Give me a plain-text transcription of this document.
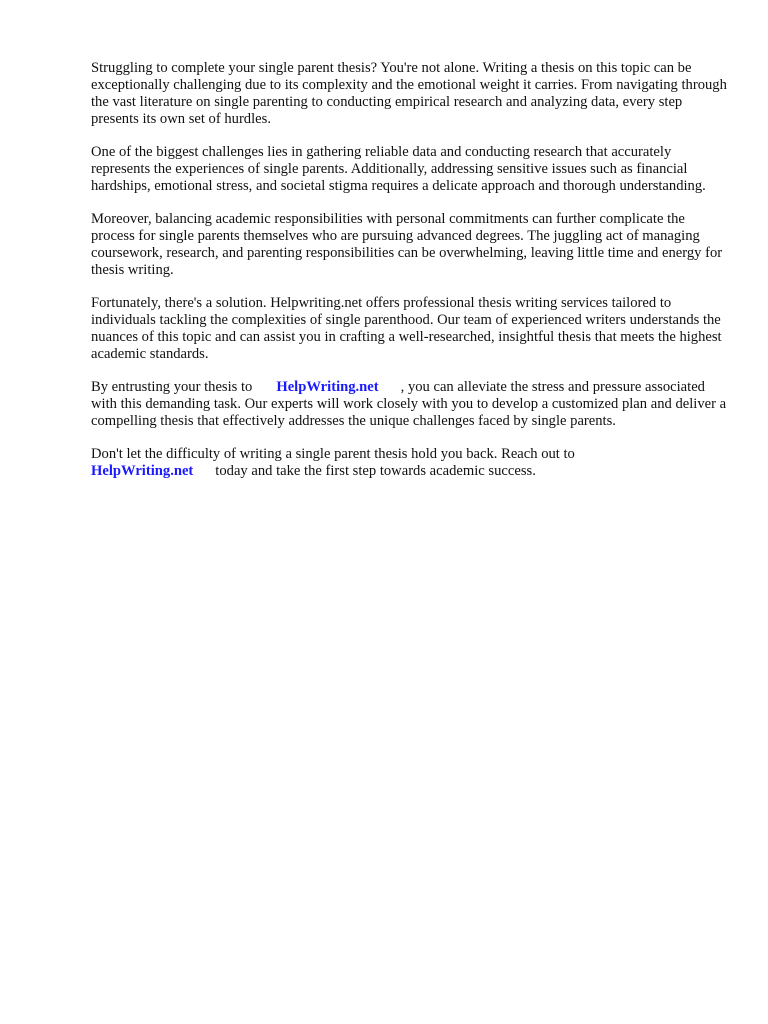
Struggling to complete your single parent thesis? You're not alone. Writing a thesis on this topic can be exceptionally challenging due to its complexity and the emotional weight it carries. From navigating through the vast literature on single parenting to conducting empirical research and analyzing data, every step presents its own set of hurdles.

One of the biggest challenges lies in gathering reliable data and conducting research that accurately represents the experiences of single parents. Additionally, addressing sensitive issues such as financial hardships, emotional stress, and societal stigma requires a delicate approach and thorough understanding.

Moreover, balancing academic responsibilities with personal commitments can further complicate the process for single parents themselves who are pursuing advanced degrees. The juggling act of managing coursework, research, and parenting responsibilities can be overwhelming, leaving little time and energy for thesis writing.

Fortunately, there's a solution. Helpwriting.net offers professional thesis writing services tailored to individuals tackling the complexities of single parenthood. Our team of experienced writers understands the nuances of this topic and can assist you in crafting a well-researched, insightful thesis that meets the highest academic standards.

By entrusting your thesis to HelpWriting.net , you can alleviate the stress and pressure associated with this demanding task. Our experts will work closely with you to develop a customized plan and deliver a compelling thesis that effectively addresses the unique challenges faced by single parents.

Don't let the difficulty of writing a single parent thesis hold you back. Reach out to
HelpWriting.net today and take the first step towards academic success.
